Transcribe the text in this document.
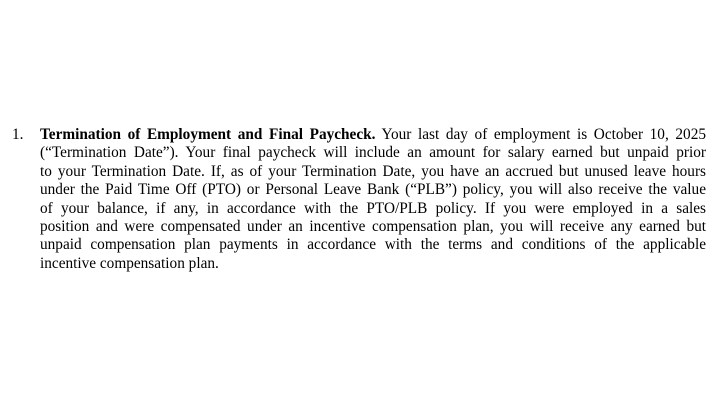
1. Termination of Employment and Final Paycheck. Your last day of employment is October 10, 2025
(“Termination Date”). Your final paycheck will include an amount for salary earned but unpaid prior
to your Termination Date. If, as of your Termination Date, you have an accrued but unused leave hours
under the Paid Time Off (PTO) or Personal Leave Bank (“PLB”) policy, you will also receive the value
of your balance, if any, in accordance with the PTO/PLB policy. If you were employed in a sales
position and were compensated under an incentive compensation plan, you will receive any earned but
unpaid compensation plan payments in accordance with the terms and conditions of the applicable
incentive compensation plan.
